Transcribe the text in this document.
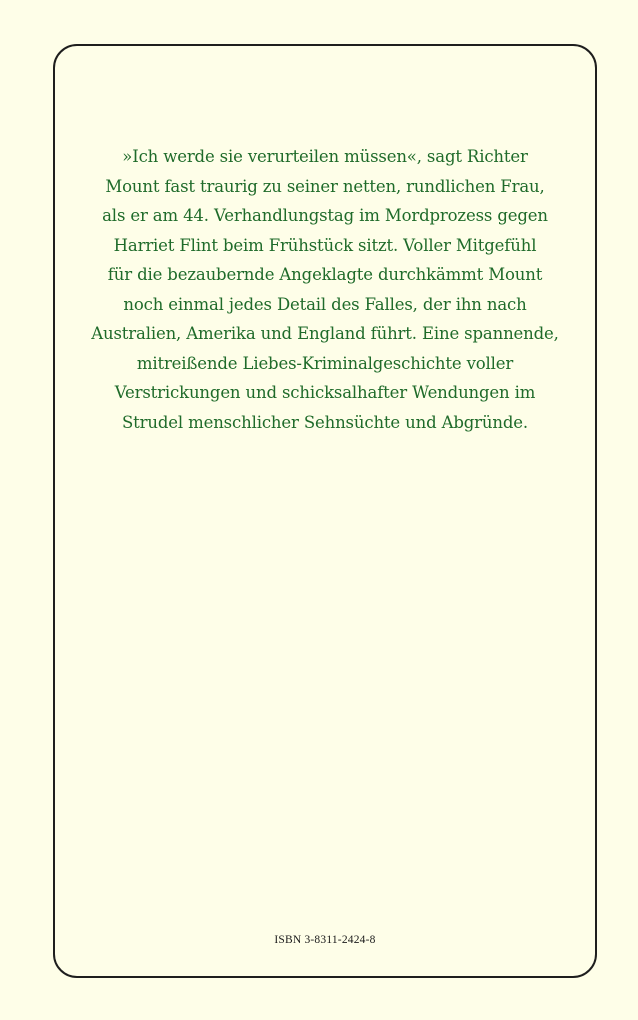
»Ich werde sie verurteilen müssen«, sagt Richter
Mount fast traurig zu seiner netten, rundlichen Frau,
als er am 44. Verhandlungstag im Mordprozess gegen
Harriet Flint beim Frühstück sitzt. Voller Mitgefühl
für die bezaubernde Angeklagte durchkämmt Mount
noch einmal jedes Detail des Falles, der ihn nach
Australien, Amerika und England führt. Eine spannende,
mitreißende Liebes-Kriminalgeschichte voller
Verstrickungen und schicksalhafter Wendungen im
Strudel menschlicher Sehnsüchte und Abgründe.

ISBN 3-8311-2424-8
